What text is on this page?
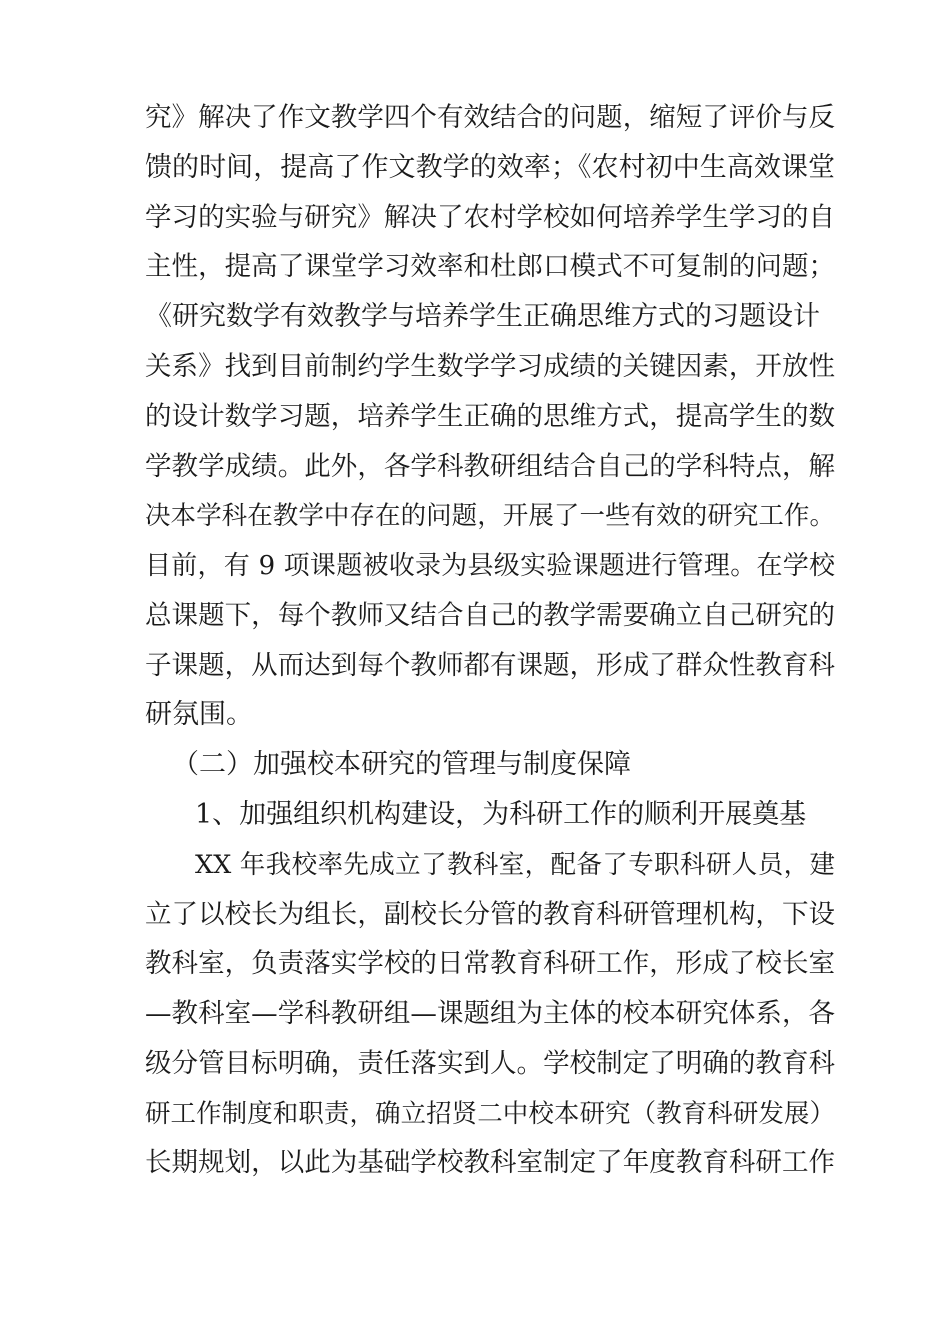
究》解决了作文教学四个有效结合的问题，缩短了评价与反

馈的时间，提高了作文教学的效率；《农村初中生高效课堂

学习的实验与研究》解决了农村学校如何培养学生学习的自

主性，提高了课堂学习效率和杜郎口模式不可复制的问题；

《研究数学有效教学与培养学生正确思维方式的习题设计

关系》找到目前制约学生数学学习成绩的关键因素，开放性

的设计数学习题，培养学生正确的思维方式，提高学生的数

学教学成绩。此外，各学科教研组结合自己的学科特点，解

决本学科在教学中存在的问题，开展了一些有效的研究工作。

目前，有 9 项课题被收录为县级实验课题进行管理。在学校

总课题下，每个教师又结合自己的教学需要确立自己研究的

子课题，从而达到每个教师都有课题，形成了群众性教育科

研氛围。

（二）加强校本研究的管理与制度保障

1、加强组织机构建设，为科研工作的顺利开展奠基

XX 年我校率先成立了教科室，配备了专职科研人员，建

立了以校长为组长，副校长分管的教育科研管理机构，下设

教科室，负责落实学校的日常教育科研工作，形成了校长室

—教科室—学科教研组—课题组为主体的校本研究体系，各

级分管目标明确，责任落实到人。学校制定了明确的教育科

研工作制度和职责，确立招贤二中校本研究（教育科研发展）

长期规划，以此为基础学校教科室制定了年度教育科研工作
